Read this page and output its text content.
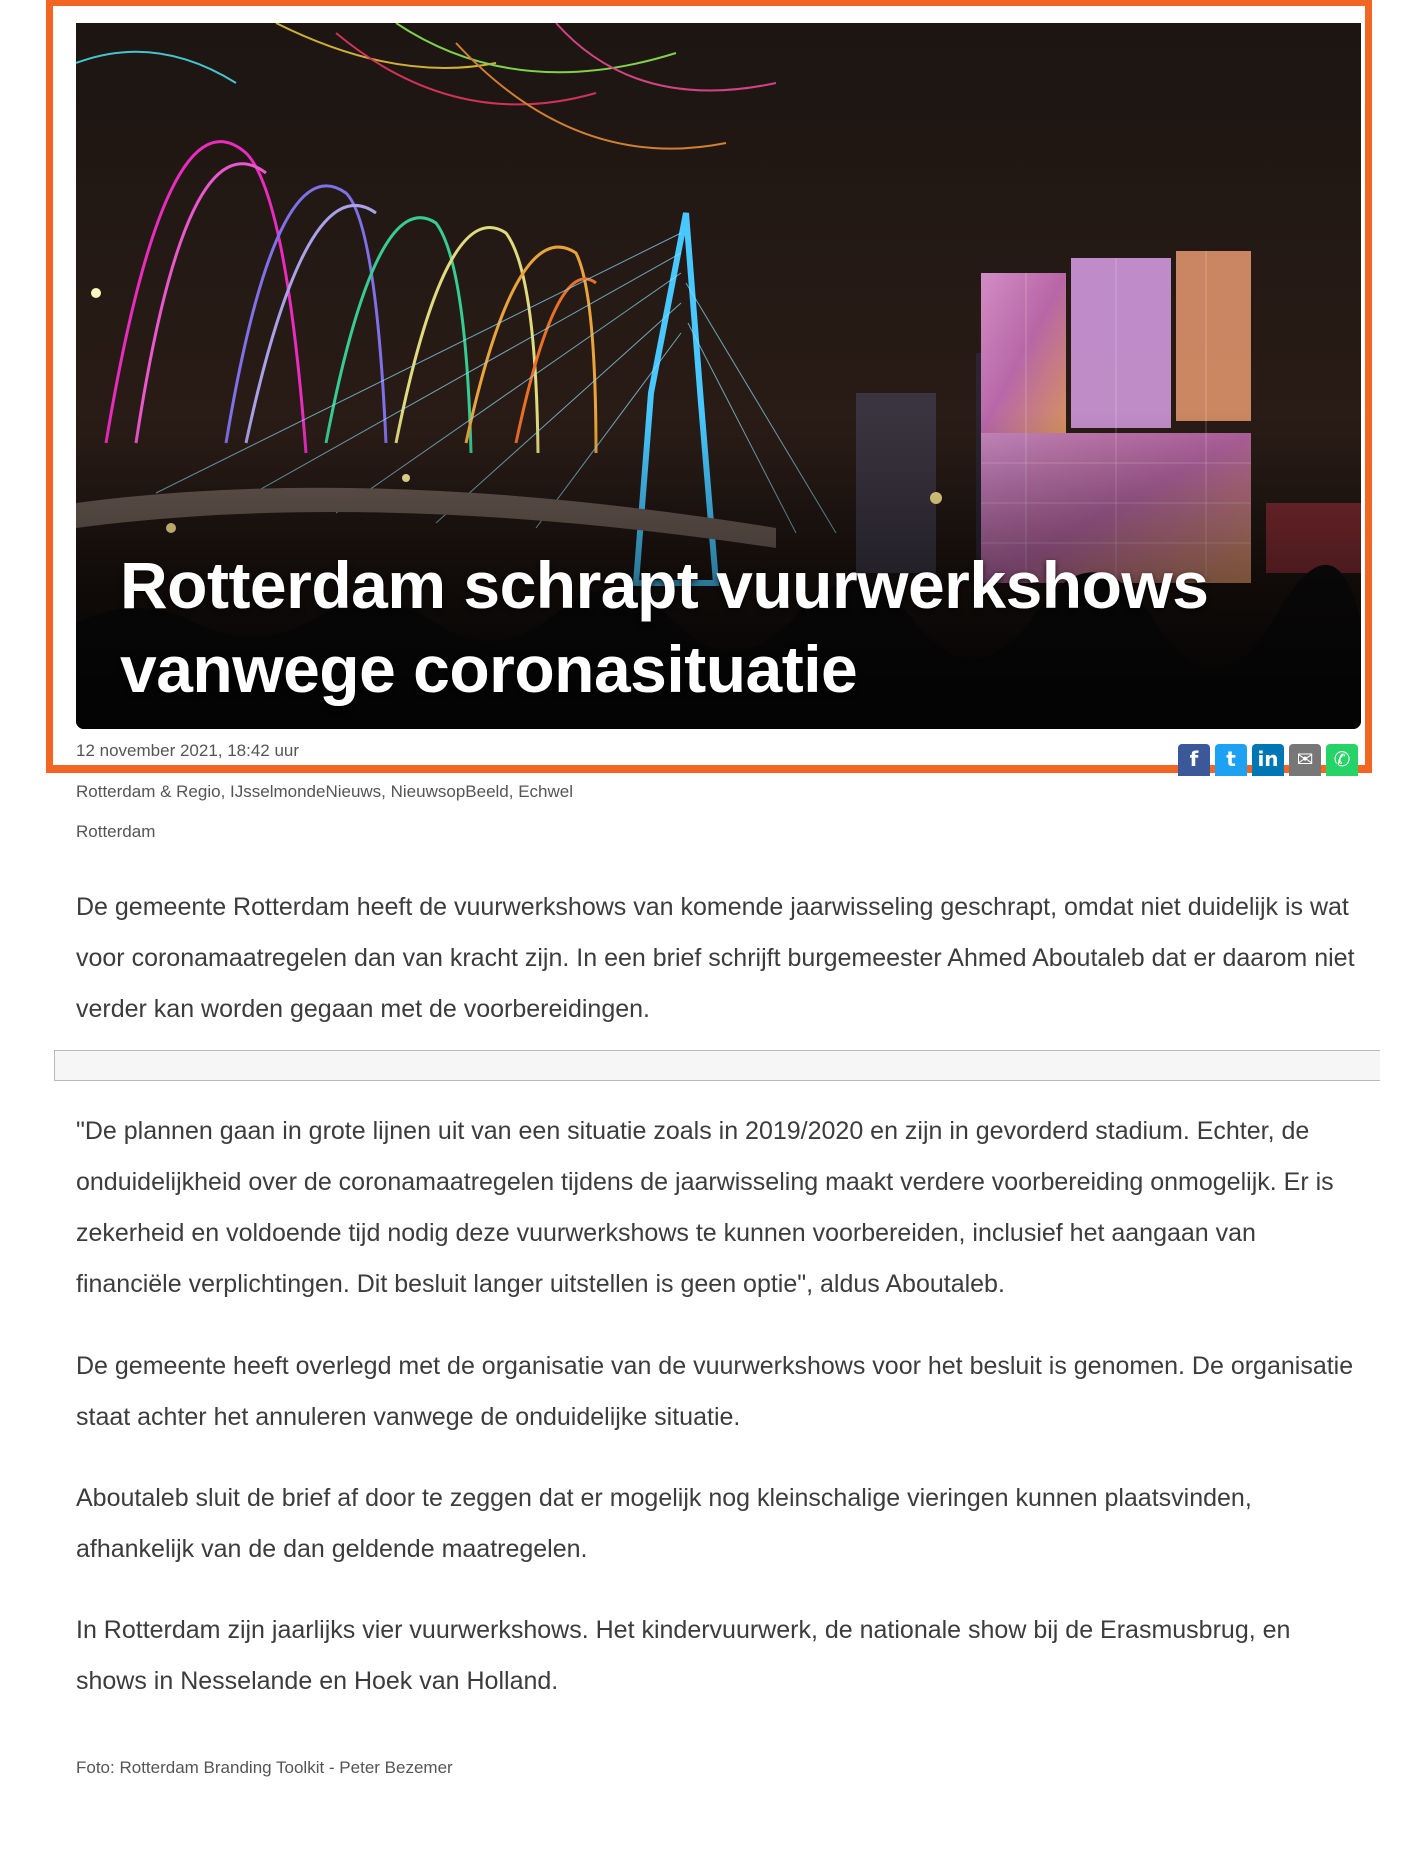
Rotterdam schrapt vuurwerkshows
vanwege coronasituatie
12 november 2021, 18:42 uur	f	t	in ✉	✆
Rotterdam & Regio, IJsselmondeNieuws, NieuwsopBeeld, Echwel
Rotterdam

De gemeente Rotterdam heeft de vuurwerkshows van komende jaarwisseling geschrapt, omdat niet duidelijk is wat voor coronamaatregelen dan van kracht zijn. In een brief schrijft burgemeester Ahmed Aboutaleb dat er daarom niet verder kan worden gegaan met de voorbereidingen.

"De plannen gaan in grote lijnen uit van een situatie zoals in 2019/2020 en zijn in gevorderd stadium. Echter, de onduidelijkheid over de coronamaatregelen tijdens de jaarwisseling maakt verdere voorbereiding onmogelijk. Er is zekerheid en voldoende tijd nodig deze vuurwerkshows te kunnen voorbereiden, inclusief het aangaan van financiële verplichtingen. Dit besluit langer uitstellen is geen optie", aldus Aboutaleb.

De gemeente heeft overlegd met de organisatie van de vuurwerkshows voor het besluit is genomen. De organisatie staat achter het annuleren vanwege de onduidelijke situatie.

Aboutaleb sluit de brief af door te zeggen dat er mogelijk nog kleinschalige vieringen kunnen plaatsvinden, afhankelijk van de dan geldende maatregelen.

In Rotterdam zijn jaarlijks vier vuurwerkshows. Het kindervuurwerk, de nationale show bij de Erasmusbrug, en shows in Nesselande en Hoek van Holland.

Foto: Rotterdam Branding Toolkit - Peter Bezemer
